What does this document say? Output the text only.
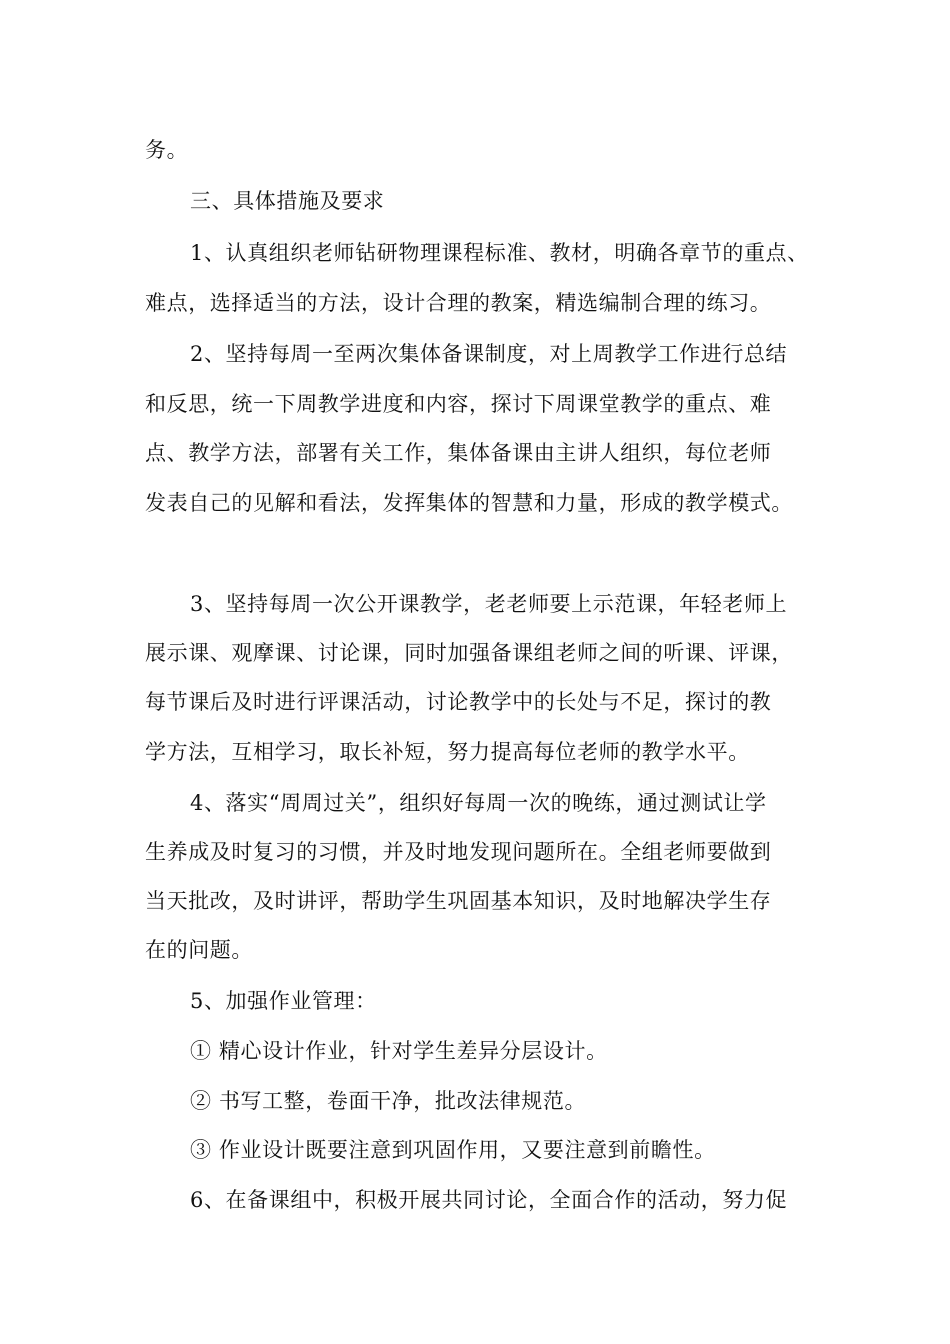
务。
三、具体措施及要求
1、认真组织老师钻研物理课程标准、教材，明确各章节的重点、
难点，选择适当的方法，设计合理的教案，精选编制合理的练习。
2、坚持每周一至两次集体备课制度，对上周教学工作进行总结
和反思，统一下周教学进度和内容，探讨下周课堂教学的重点、难
点、教学方法，部署有关工作，集体备课由主讲人组织，每位老师
发表自己的见解和看法，发挥集体的智慧和力量，形成的教学模式。
3、坚持每周一次公开课教学，老老师要上示范课，年轻老师上
展示课、观摩课、讨论课，同时加强备课组老师之间的听课、评课，
每节课后及时进行评课活动，讨论教学中的长处与不足，探讨的教
学方法，互相学习，取长补短，努力提高每位老师的教学水平。
4、落实“周周过关”，组织好每周一次的晚练，通过测试让学
生养成及时复习的习惯，并及时地发现问题所在。全组老师要做到
当天批改，及时讲评，帮助学生巩固基本知识，及时地解决学生存
在的问题。
5、加强作业管理：
① 精心设计作业，针对学生差异分层设计。
② 书写工整，卷面干净，批改法律规范。
③ 作业设计既要注意到巩固作用，又要注意到前瞻性。
6、在备课组中，积极开展共同讨论，全面合作的活动，努力促
